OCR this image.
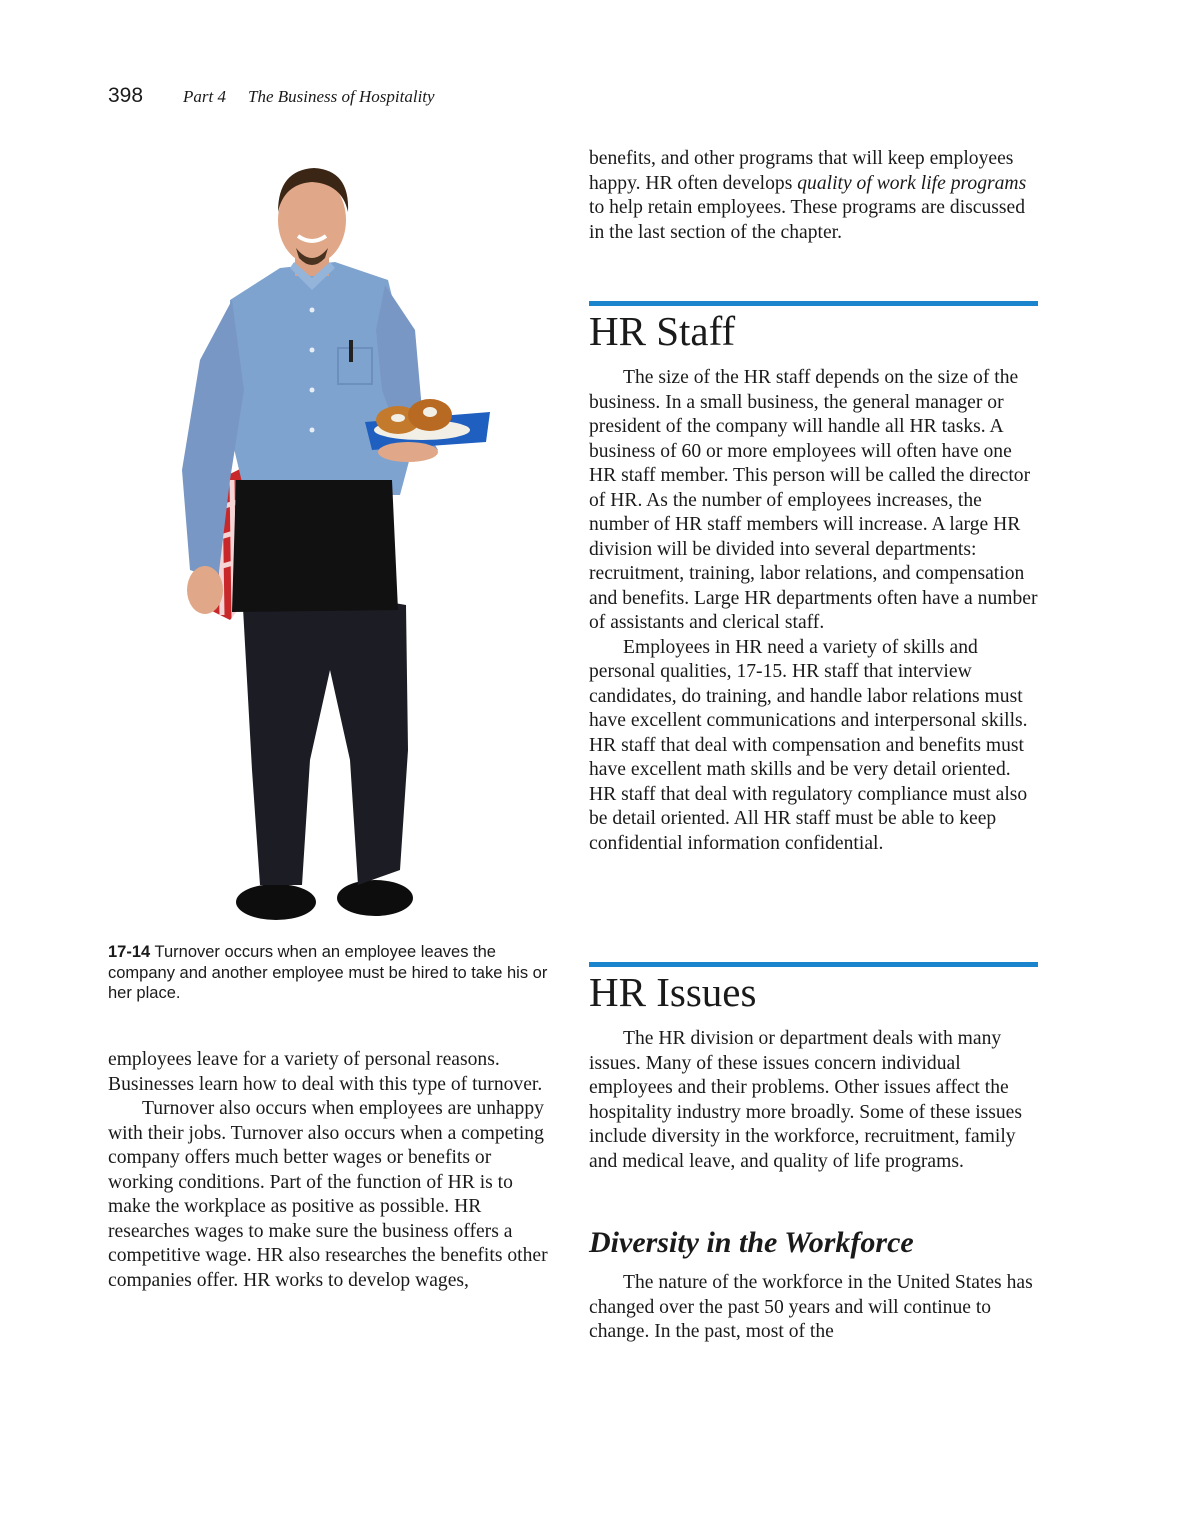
398 Part 4 The Business of Hospitality
17-14 Turnover occurs when an employee leaves the company and another employee must be hired to take his or her place.

employees leave for a variety of personal reasons. Businesses learn how to deal with this type of turnover.

Turnover also occurs when employees are unhappy with their jobs. Turnover also occurs when a competing company offers much better wages or benefits or working conditions. Part of the function of HR is to make the workplace as positive as possible. HR researches wages to make sure the business offers a competitive wage. HR also researches the benefits other companies offer. HR works to develop wages,

benefits, and other programs that will keep employees happy. HR often develops quality of work life programs to help retain employees. These programs are discussed in the last section of the chapter.

HR Staff

The size of the HR staff depends on the size of the business. In a small business, the general manager or president of the company will handle all HR tasks. A business of 60 or more employees will often have one HR staff member. This person will be called the director of HR. As the number of employees increases, the number of HR staff members will increase. A large HR division will be divided into several departments: recruitment, training, labor relations, and compensation and benefits. Large HR departments often have a number of assistants and clerical staff.

Employees in HR need a variety of skills and personal qualities, 17-15. HR staff that interview candidates, do training, and handle labor relations must have excellent communications and interpersonal skills. HR staff that deal with compensation and benefits must have excellent math skills and be very detail oriented. HR staff that deal with regulatory compliance must also be detail oriented. All HR staff must be able to keep confidential information confidential.

HR Issues

The HR division or department deals with many issues. Many of these issues concern individual employees and their problems. Other issues affect the hospitality industry more broadly. Some of these issues include diversity in the workforce, recruitment, family and medical leave, and quality of life programs.

Diversity in the Workforce

The nature of the workforce in the United States has changed over the past 50 years and will continue to change. In the past, most of the
